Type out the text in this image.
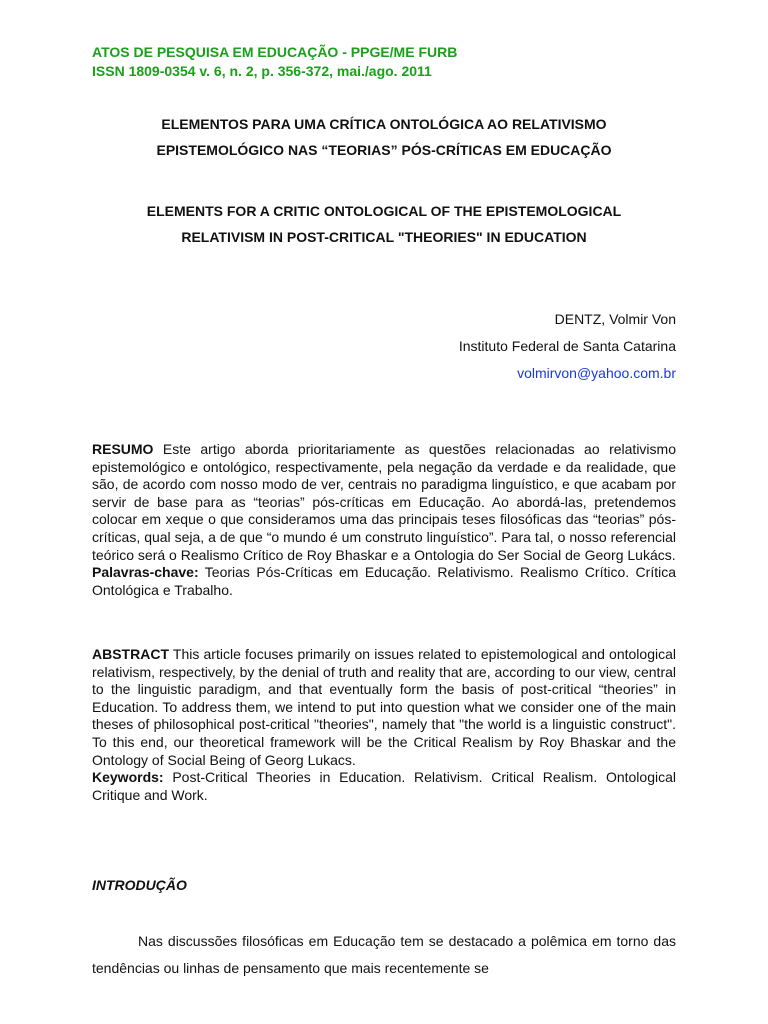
ATOS DE PESQUISA EM EDUCAÇÃO - PPGE/ME FURB
ISSN 1809-0354 v. 6, n. 2, p. 356-372, mai./ago. 2011
ELEMENTOS PARA UMA CRÍTICA ONTOLÓGICA AO RELATIVISMO
EPISTEMOLÓGICO NAS “TEORIAS” PÓS-CRÍTICAS EM EDUCAÇÃO
ELEMENTS FOR A CRITIC ONTOLOGICAL OF THE EPISTEMOLOGICAL
RELATIVISM IN POST-CRITICAL "THEORIES" IN EDUCATION
DENTZ, Volmir Von
Instituto Federal de Santa Catarina
volmirvon@yahoo.com.br

RESUMO Este artigo aborda prioritariamente as questões relacionadas ao relativismo epistemológico e ontológico, respectivamente, pela negação da verdade e da realidade, que são, de acordo com nosso modo de ver, centrais no paradigma linguístico, e que acabam por servir de base para as “teorias” pós-críticas em Educação. Ao abordá-las, pretendemos colocar em xeque o que consideramos uma das principais teses filosóficas das “teorias” pós-críticas, qual seja, a de que “o mundo é um construto linguístico”. Para tal, o nosso referencial teórico será o Realismo Crítico de Roy Bhaskar e a Ontologia do Ser Social de Georg Lukács.

Palavras-chave: Teorias Pós-Críticas em Educação. Relativismo. Realismo Crítico. Crítica Ontológica e Trabalho.

ABSTRACT This article focuses primarily on issues related to epistemological and ontological relativism, respectively, by the denial of truth and reality that are, according to our view, central to the linguistic paradigm, and that eventually form the basis of post-critical “theories” in Education. To address them, we intend to put into question what we consider one of the main theses of philosophical post-critical "theories", namely that "the world is a linguistic construct". To this end, our theoretical framework will be the Critical Realism by Roy Bhaskar and the Ontology of Social Being of Georg Lukacs.

Keywords: Post-Critical Theories in Education. Relativism. Critical Realism. Ontological Critique and Work.

INTRODUÇÃO
Nas discussões filosóficas em Educação tem se destacado a polêmica em torno das tendências ou linhas de pensamento que mais recentemente se
